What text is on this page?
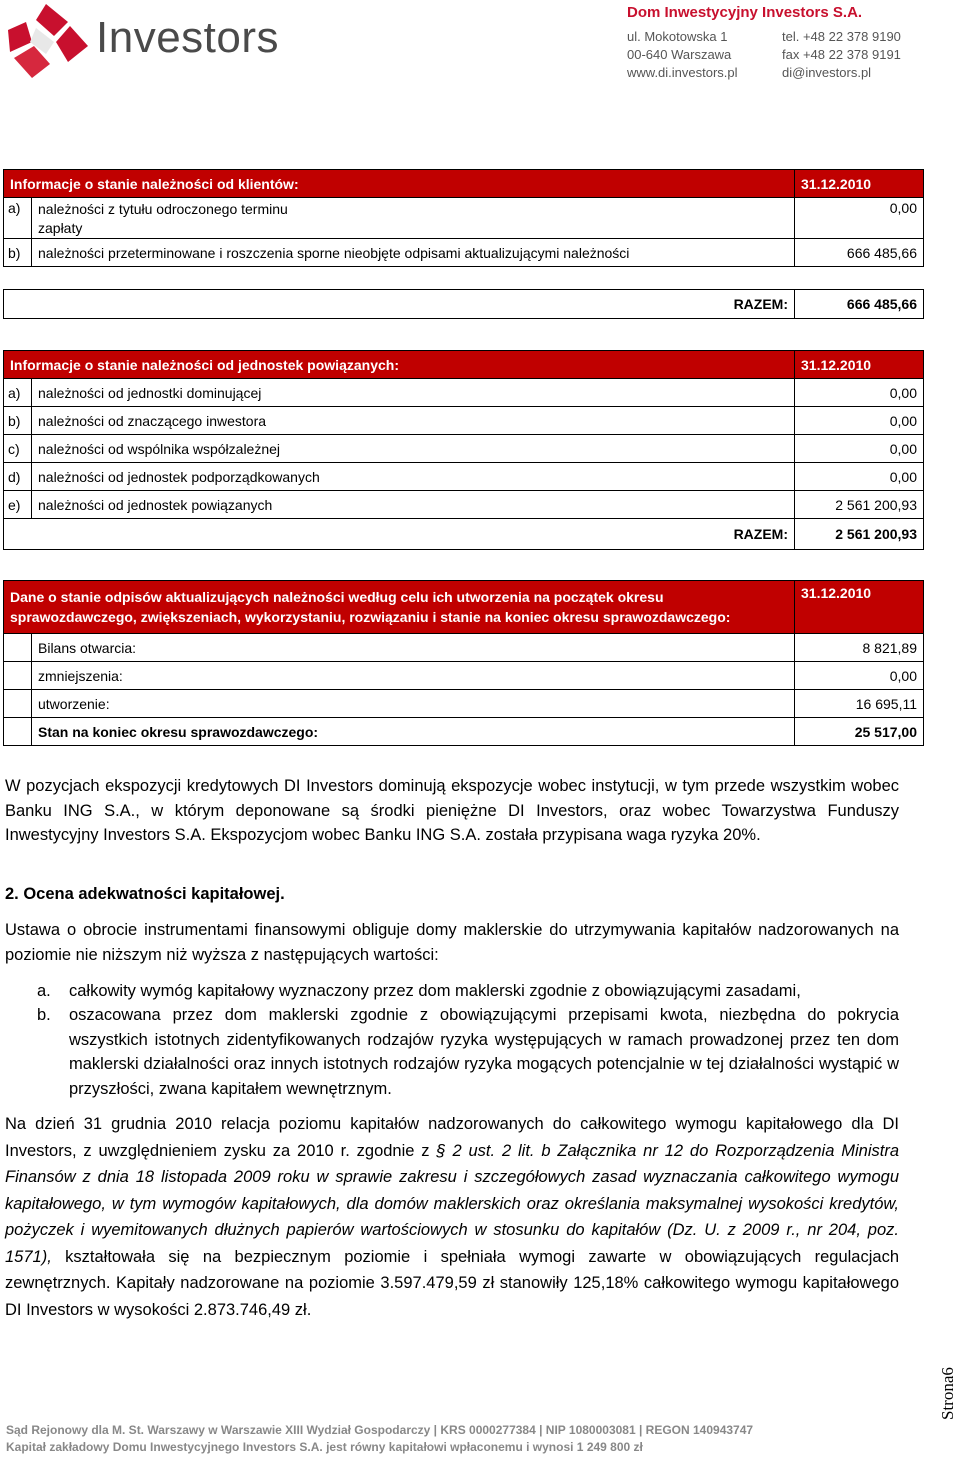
Investors
Dom Inwestycyjny Investors S.A.
ul. Mokotowska 1
00-640 Warszawa
www.di.investors.pl
tel. +48 22 378 9190
fax +48 22 378 9191
di@investors.pl
Informacje o stanie należności od klientów:		31.12.2010
a)	należności z tytułu odroczonego terminu zapłaty	0,00
b)	należności przeterminowane i roszczenia sporne nieobjęte odpisami aktualizującymi należności	666 485,66

RAZEM:		666 485,66
Informacje o stanie należności od jednostek powiązanych:		31.12.2010
a)	należności od jednostki dominującej	0,00
b)	należności od znaczącego inwestora	0,00
c)	należności od wspólnika współzależnej	0,00
d)	należności od jednostek podporządkowanych	0,00
e)	należności od jednostek powiązanych	2 561 200,93
RAZEM:		2 561 200,93
Dane o stanie odpisów aktualizujących należności według celu ich utworzenia na początek okresu sprawozdawczego, zwiększeniach, wykorzystaniu, rozwiązaniu i stanie na koniec okresu sprawozdawczego:		31.12.2010
	Bilans otwarcia:	8 821,89
	zmniejszenia:	0,00
	utworzenie:	16 695,11
	Stan na koniec okresu sprawozdawczego:	25 517,00
W pozycjach ekspozycji kredytowych DI Investors dominują ekspozycje wobec instytucji, w tym przede wszystkim wobec Banku ING S.A., w którym deponowane są środki pieniężne DI Investors, oraz wobec Towarzystwa Funduszy Inwestycyjny Investors S.A. Ekspozycjom wobec Banku ING S.A. została przypisana waga ryzyka 20%.
2. Ocena adekwatności kapitałowej.
Ustawa o obrocie instrumentami finansowymi obliguje domy maklerskie do utrzymywania kapitałów nadzorowanych na poziomie nie niższym niż wyższa z następujących wartości:
a. całkowity wymóg kapitałowy wyznaczony przez dom maklerski zgodnie z obowiązującymi zasadami,
b. oszacowana przez dom maklerski zgodnie z obowiązującymi przepisami kwota, niezbędna do pokrycia wszystkich istotnych zidentyfikowanych rodzajów ryzyka występujących w ramach prowadzonej przez ten dom maklerski działalności oraz innych istotnych rodzajów ryzyka mogących potencjalnie w tej działalności wystąpić w przyszłości, zwana kapitałem wewnętrznym.
Na dzień 31 grudnia 2010 relacja poziomu kapitałów nadzorowanych do całkowitego wymogu kapitałowego dla DI Investors, z uwzględnieniem zysku za 2010 r. zgodnie z § 2 ust. 2 lit. b Załącznika nr 12 do Rozporządzenia Ministra Finansów z dnia 18 listopada 2009 roku w sprawie zakresu i szczegółowych zasad wyznaczania całkowitego wymogu kapitałowego, w tym wymogów kapitałowych, dla domów maklerskich oraz określania maksymalnej wysokości kredytów, pożyczek i wyemitowanych dłużnych papierów wartościowych w stosunku do kapitałów (Dz. U. z 2009 r., nr 204, poz. 1571), kształtowała się na bezpiecznym poziomie i spełniała wymogi zawarte w obowiązujących regulacjach zewnętrznych. Kapitały nadzorowane na poziomie 3.597.479,59 zł stanowiły 125,18% całkowitego wymogu kapitałowego DI Investors w wysokości 2.873.746,49 zł.
Strona6
Sąd Rejonowy dla M. St. Warszawy w Warszawie XIII Wydział Gospodarczy | KRS 0000277384 | NIP 1080003081 | REGON 140943747
Kapitał zakładowy Domu Inwestycyjnego Investors S.A. jest równy kapitałowi wpłaconemu i wynosi 1 249 800 zł
